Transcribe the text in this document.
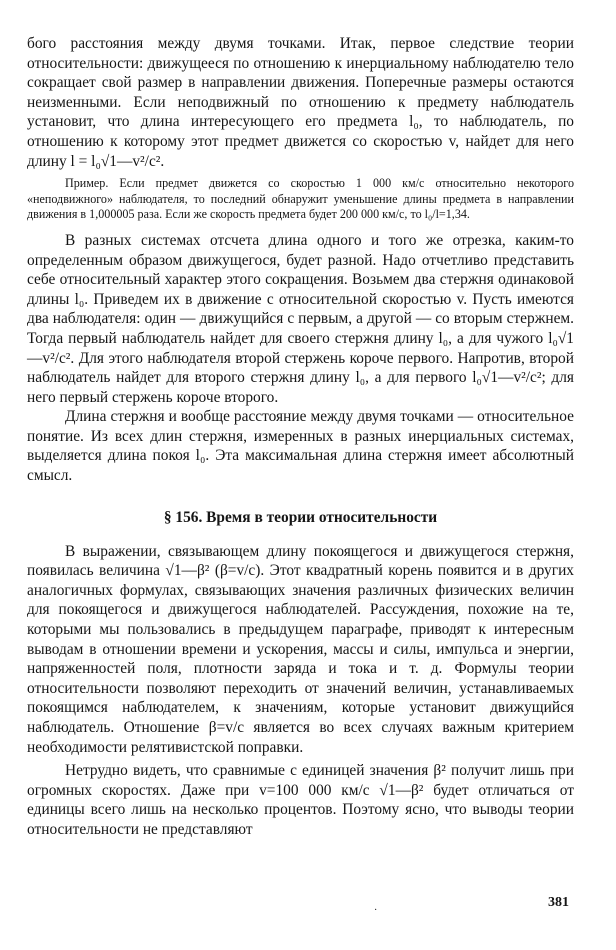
бого расстояния между двумя точками. Итак, первое следствие теории относительности: движущееся по отношению к инерциальному наблюдателю тело сокращает свой размер в направлении движения. Поперечные размеры остаются неизменными. Если неподвижный по отношению к предмету наблюдатель установит, что длина интересующего его предмета l₀, то наблюдатель, по отношению к которому этот предмет движется со скоростью v, найдет для него длину l = l₀√1—v²/c².

Пример. Если предмет движется со скоростью 1 000 км/с относительно некоторого «неподвижного» наблюдателя, то последний обнаружит уменьшение длины предмета в направлении движения в 1,000005 раза. Если же скорость предмета будет 200 000 км/с, то l₀/l=1,34.

В разных системах отсчета длина одного и того же отрезка, каким-то определенным образом движущегося, будет разной. Надо отчетливо представить себе относительный характер этого сокращения. Возьмем два стержня одинаковой длины l₀. Приведем их в движение с относительной скоростью v. Пусть имеются два наблюдателя: один — движущийся с первым, а другой — со вторым стержнем. Тогда первый наблюдатель найдет для своего стержня длину l₀, а для чужого l₀√1—v²/c². Для этого наблюдателя второй стержень короче первого. Напротив, второй наблюдатель найдет для второго стержня длину l₀, а для первого l₀√1—v²/c²; для него первый стержень короче второго.

Длина стержня и вообще расстояние между двумя точками — относительное понятие. Из всех длин стержня, измеренных в разных инерциальных системах, выделяется длина покоя l₀. Эта максимальная длина стержня имеет абсолютный смысл.

§ 156. Время в теории относительности

В выражении, связывающем длину покоящегося и движущегося стержня, появилась величина √1—β² (β=v/c). Этот квадратный корень появится и в других аналогичных формулах, связывающих значения различных физических величин для покоящегося и движущегося наблюдателей. Рассуждения, похожие на те, которыми мы пользовались в предыдущем параграфе, приводят к интересным выводам в отношении времени и ускорения, массы и силы, импульса и энергии, напряженностей поля, плотности заряда и тока и т. д. Формулы теории относительности позволяют переходить от значений величин, устанавливаемых покоящимся наблюдателем, к значениям, которые установит движущийся наблюдатель. Отношение β=v/c является во всех случаях важным критерием необходимости релятивистской поправки.

Нетрудно видеть, что сравнимые с единицей значения β² получит лишь при огромных скоростях. Даже при v=100 000 км/с √1—β² будет отличаться от единицы всего лишь на несколько процентов. Поэтому ясно, что выводы теории относительности не представляют

·
381
